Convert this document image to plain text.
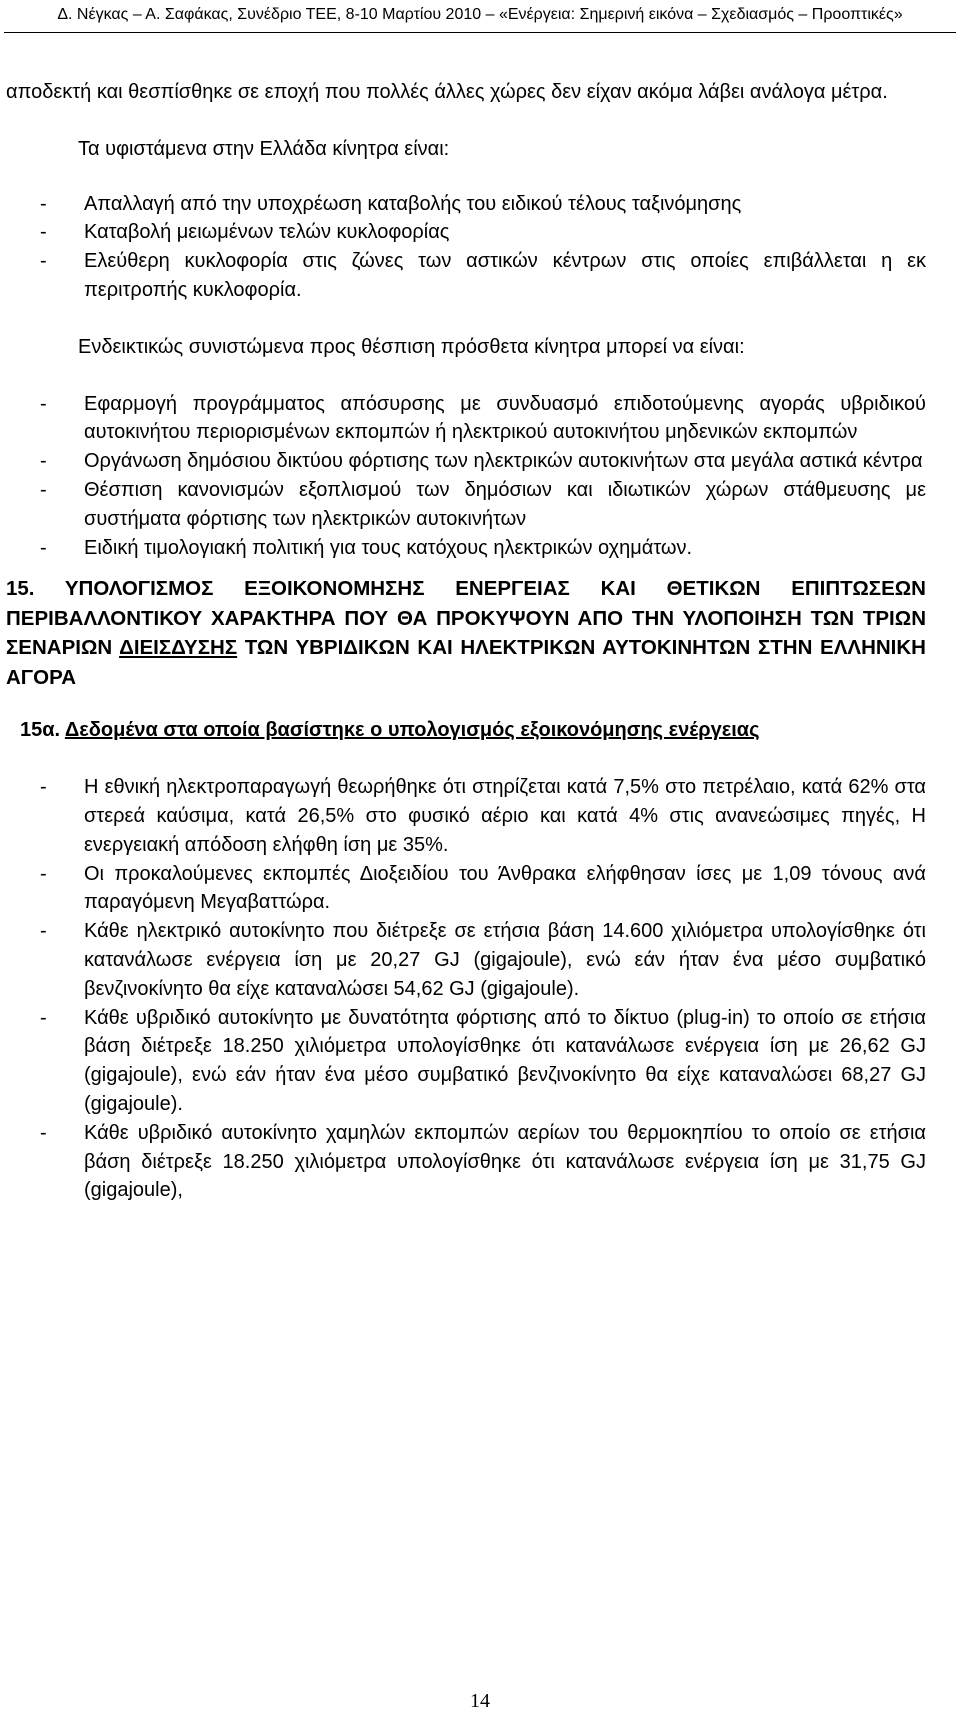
Δ. Νέγκας – Α. Σαφάκας, Συνέδριο ΤΕΕ, 8-10 Μαρτίου 2010 – «Ενέργεια: Σημερινή εικόνα – Σχεδιασμός – Προοπτικές»

αποδεκτή και θεσπίσθηκε σε εποχή που πολλές άλλες χώρες δεν είχαν ακόμα λάβει ανάλογα μέτρα.

Τα υφιστάμενα στην Ελλάδα κίνητρα είναι:

- Απαλλαγή από την υποχρέωση καταβολής του ειδικού τέλους ταξινόμησης
- Καταβολή μειωμένων τελών κυκλοφορίας
- Ελεύθερη κυκλοφορία στις ζώνες των αστικών κέντρων στις οποίες επιβάλλεται η εκ περιτροπής κυκλοφορία.

Ενδεικτικώς συνιστώμενα προς θέσπιση πρόσθετα κίνητρα μπορεί να είναι:

- Εφαρμογή προγράμματος απόσυρσης με συνδυασμό επιδοτούμενης αγοράς υβριδικού αυτοκινήτου περιορισμένων εκπομπών ή ηλεκτρικού αυτοκινήτου μηδενικών εκπομπών
- Οργάνωση δημόσιου δικτύου φόρτισης των ηλεκτρικών αυτοκινήτων στα μεγάλα αστικά κέντρα
- Θέσπιση κανονισμών εξοπλισμού των δημόσιων και ιδιωτικών χώρων στάθμευσης με συστήματα φόρτισης των ηλεκτρικών αυτοκινήτων
- Ειδική τιμολογιακή πολιτική για τους κατόχους ηλεκτρικών οχημάτων.

15. ΥΠΟΛΟΓΙΣΜΟΣ ΕΞΟΙΚΟΝΟΜΗΣΗΣ ΕΝΕΡΓΕΙΑΣ ΚΑΙ ΘΕΤΙΚΩΝ ΕΠΙΠΤΩΣΕΩΝ ΠΕΡΙΒΑΛΛΟΝΤΙΚΟΥ ΧΑΡΑΚΤΗΡΑ ΠΟΥ ΘΑ ΠΡΟΚΥΨΟΥΝ ΑΠΟ ΤΗΝ ΥΛΟΠΟΙΗΣΗ ΤΩΝ ΤΡΙΩΝ ΣΕΝΑΡΙΩΝ ΔΙΕΙΣΔΥΣΗΣ ΤΩΝ ΥΒΡΙΔΙΚΩΝ ΚΑΙ ΗΛΕΚΤΡΙΚΩΝ ΑΥΤΟΚΙΝΗΤΩΝ ΣΤΗΝ ΕΛΛΗΝΙΚΗ ΑΓΟΡΑ

15α. Δεδομένα στα οποία βασίστηκε ο υπολογισμός εξοικονόμησης ενέργειας

- Η εθνική ηλεκτροπαραγωγή θεωρήθηκε ότι στηρίζεται κατά 7,5% στο πετρέλαιο, κατά 62% στα στερεά καύσιμα, κατά 26,5% στο φυσικό αέριο και κατά 4% στις ανανεώσιμες πηγές, Η ενεργειακή απόδοση ελήφθη ίση με 35%.
- Οι προκαλούμενες εκπομπές Διοξειδίου του Άνθρακα ελήφθησαν ίσες με 1,09 τόνους ανά παραγόμενη Μεγαβαττώρα.
- Κάθε ηλεκτρικό αυτοκίνητο που διέτρεξε σε ετήσια βάση 14.600 χιλιόμετρα υπολογίσθηκε ότι κατανάλωσε ενέργεια ίση με 20,27 GJ (gigajoule), ενώ εάν ήταν ένα μέσο συμβατικό βενζινοκίνητο θα είχε καταναλώσει 54,62 GJ (gigajoule).
- Κάθε υβριδικό αυτοκίνητο με δυνατότητα φόρτισης από το δίκτυο (plug-in) το οποίο σε ετήσια βάση διέτρεξε 18.250 χιλιόμετρα υπολογίσθηκε ότι κατανάλωσε ενέργεια ίση με 26,62 GJ (gigajoule), ενώ εάν ήταν ένα μέσο συμβατικό βενζινοκίνητο θα είχε καταναλώσει 68,27 GJ (gigajoule).
- Κάθε υβριδικό αυτοκίνητο χαμηλών εκπομπών αερίων του θερμοκηπίου το οποίο σε ετήσια βάση διέτρεξε 18.250 χιλιόμετρα υπολογίσθηκε ότι κατανάλωσε ενέργεια ίση με 31,75 GJ (gigajoule),
14
